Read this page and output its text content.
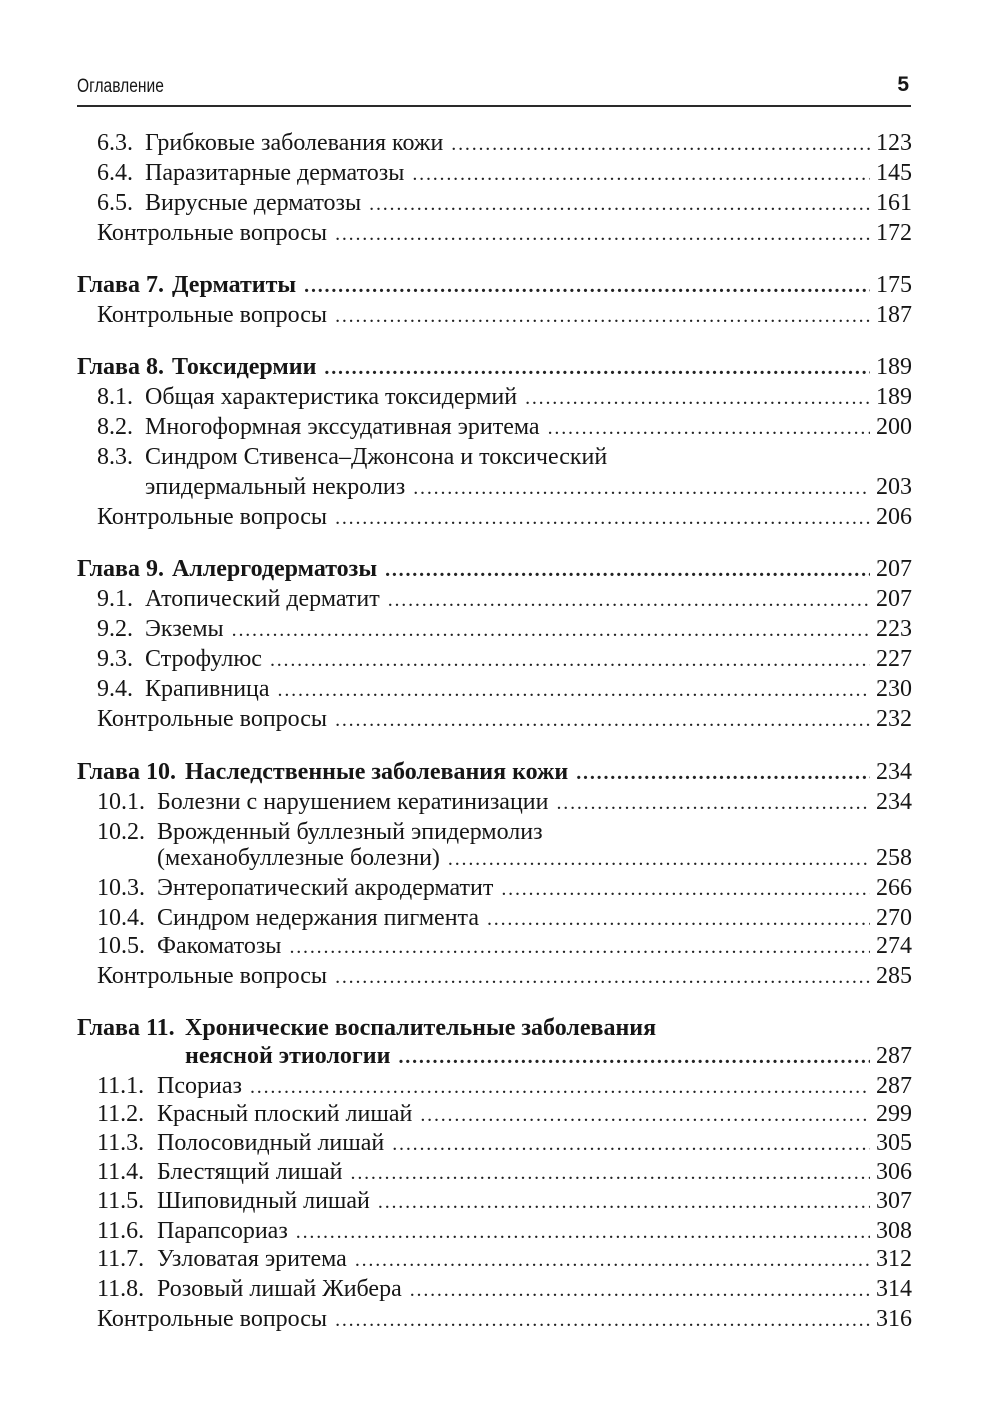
Оглавление	5
6.3. Грибковые заболевания кожи . . .	123
6.4. Паразитарные дерматозы . . .	145
6.5. Вирусные дерматозы . . .	161
Контрольные вопросы . . .	172
Глава 7. Дерматиты . . .	175
Контрольные вопросы . . .	187
Глава 8. Токсидермии . . .	189
8.1. Общая характеристика токсидермий . . .	189
8.2. Многоформная экссудативная эритема . . .	200
8.3. Синдром Стивенса–Джонсона и токсический
эпидермальный некролиз . . .	203
Контрольные вопросы . . .	206
Глава 9. Аллергодерматозы . . .	207
9.1. Атопический дерматит . . .	207
9.2. Экземы . . .	223
9.3. Строфулюс . . .	227
9.4. Крапивница . . .	230
Контрольные вопросы . . .	232
Глава 10. Наследственные заболевания кожи . . .	234
10.1. Болезни с нарушением кератинизации . . .	234
10.2. Врожденный буллезный эпидермолиз
(механобуллезные болезни) . . .	258
10.3. Энтеропатический акродерматит . . .	266
10.4. Синдром недержания пигмента . . .	270
10.5. Факоматозы . . .	274
Контрольные вопросы . . .	285
Глава 11. Хронические воспалительные заболевания
неясной этиологии . . .	287
11.1. Псориаз . . .	287
11.2. Красный плоский лишай . . .	299
11.3. Полосовидный лишай . . .	305
11.4. Блестящий лишай . . .	306
11.5. Шиповидный лишай . . .	307
11.6. Парапсориаз . . .	308
11.7. Узловатая эритема . . .	312
11.8. Розовый лишай Жибера . . .	314
Контрольные вопросы . . .	316
